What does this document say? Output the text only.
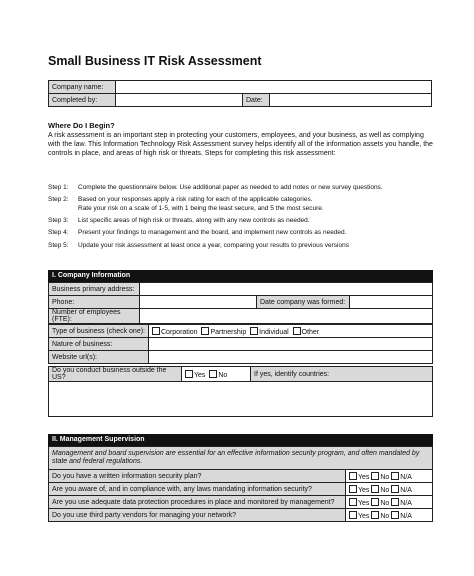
Small Business IT Risk Assessment
Company name:			
Completed by:		Date:	
Where Do I Begin?
A risk assessment is an important step in protecting your customers, employees, and your business, as well as complying with the law. This Information Technology Risk Assessment survey helps identify all of the information assets you handle, the controls in place, and areas of high risk or threats. Steps for completing this risk assessment:
Step 1:	Complete the questionnaire below. Use additional paper as needed to add notes or new survey questions.
Step 2:	Based on your responses apply a risk rating for each of the applicable categories.
Rate your risk on a scale of 1-5, with 1 being the least secure, and 5 the most secure.
Step 3:	List specific areas of high risk or threats, along with any new controls as needed.
Step 4:	Present your findings to management and the board, and implement new controls as needed.
Step 5:	Update your risk assessment at least once a year, comparing your results to previous versions
I. Company Information
Business primary address:			
Phone:		Date company was formed:	
Number of employees (FTE):			
Type of business (check one):	Corporation Partnership Individual Other
Nature of business:	
Website url(s):	
Do you conduct business outside the US?	Yes No	If yes, identify countries:

II. Management Supervision
Management and board supervision are essential for an effective information security program, and often mandated by state and federal regulations.	
Do you have a written information security plan?	Yes No N/A
Are you aware of, and in compliance with, any laws mandating information security?	Yes No N/A
Are you use adequate data protection procedures in place and monitored by management?	Yes No N/A
Do you use third party vendors for managing your network?	Yes No N/A
